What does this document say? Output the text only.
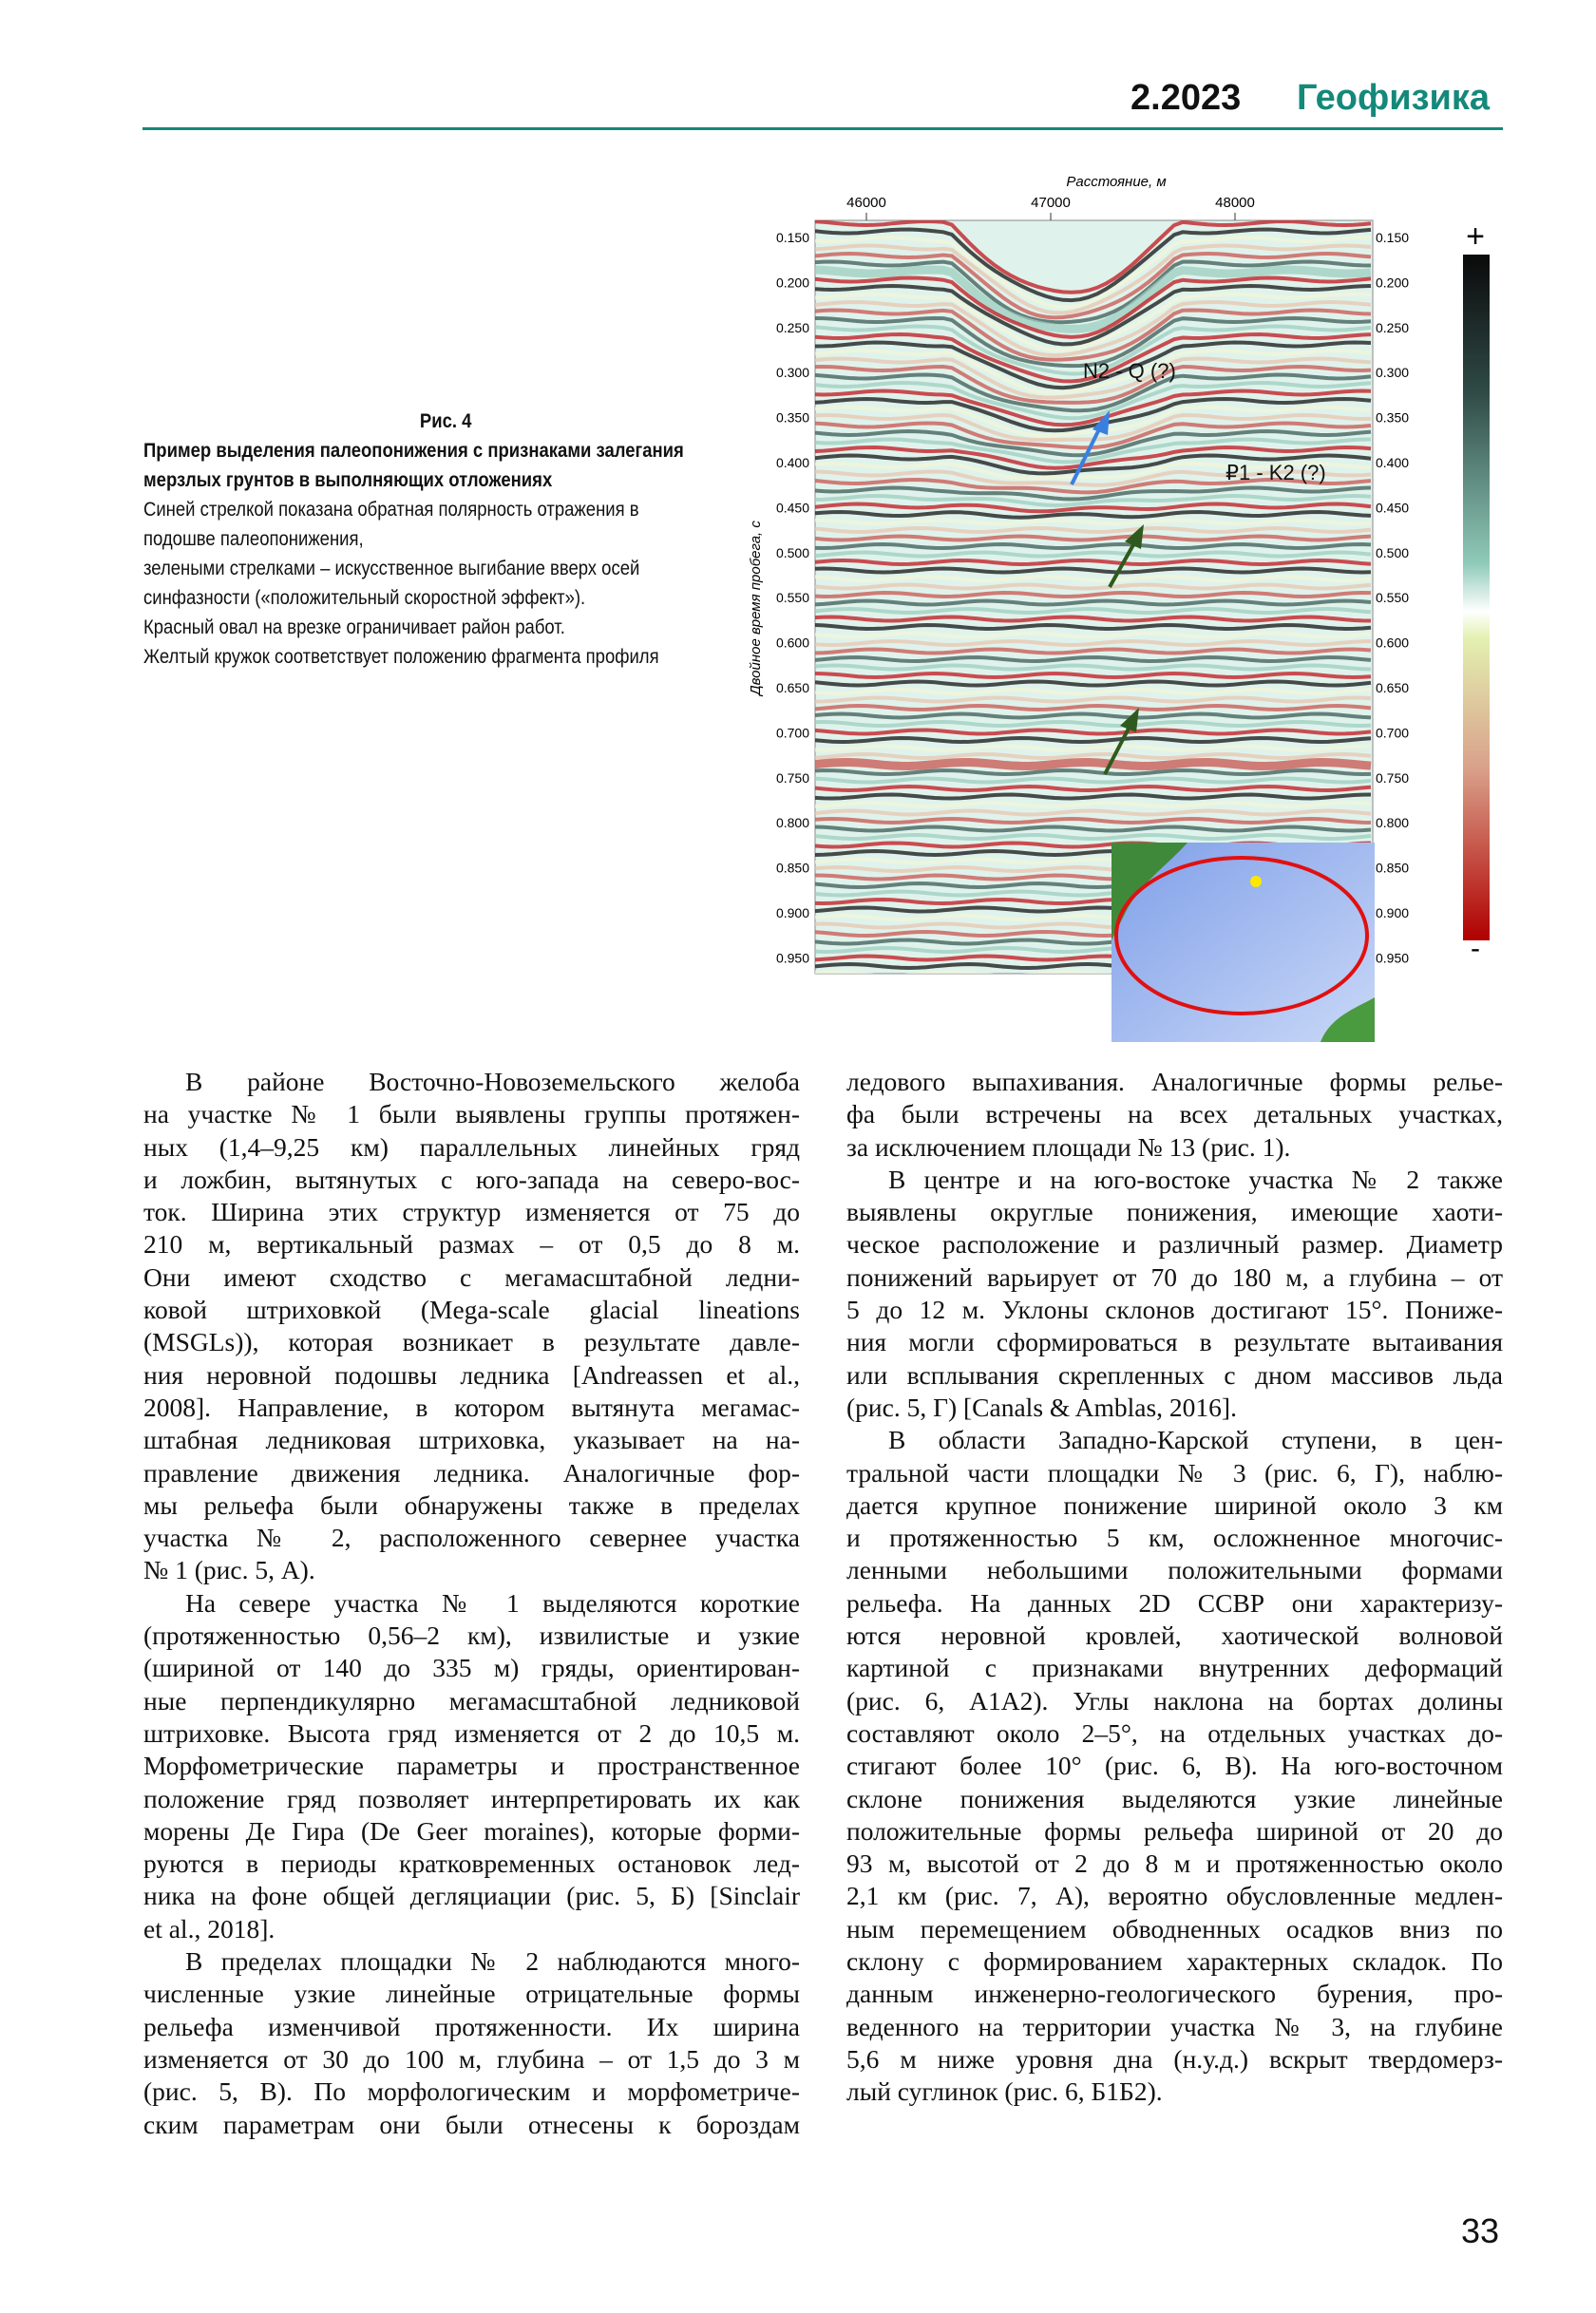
2.2023 Геофизика
Рис. 4
Пример выделения палеопонижения с признаками залегания мерзлых грунтов в выполняющих отложениях
Синей стрелкой показана обратная полярность отражения в подошве палеопонижения,
зелеными стрелками – искусственное выгибание вверх осей синфазности («положительный скоростной эффект»).
Красный овал на врезке ограничивает район работ.
Желтый кружок соответствует положению фрагмента профиля
0.150
0.200
0.250
0.300
0.350
0.400
0.450
0.500
0.550
0.600
0.650
0.700
0.750
0.800
0.850
0.900
0.950
0.150
0.200
0.250
0.300
0.350
0.400
0.450
0.500
0.550
0.600
0.650
0.700
0.750
0.800
0.850
0.900
0.950
46000	47000	48000
Расстояние, м
Двойное время пробега, с
N2 - Q (?)
₽1 - K2 (?)
+
-
В районе Восточно-Новоземельского желоба
на участке № 1 были выявлены группы протяжен-
ных (1,4–9,25 км) параллельных линейных гряд
и ложбин, вытянутых с юго-запада на северо-вос-
ток. Ширина этих структур изменяется от 75 до
210 м, вертикальный размах – от 0,5 до 8 м.
Они имеют сходство с мегамасштабной ледни-
ковой штриховкой (Mega-scale glacial lineations
(MSGLs)), которая возникает в результате давле-
ния неровной подошвы ледника [Andreassen et al.,
2008]. Направление, в котором вытянута мегамас-
штабная ледниковая штриховка, указывает на на-
правление движения ледника. Аналогичные фор-
мы рельефа были обнаружены также в пределах
участка № 2, расположенного севернее участка
№ 1 (рис. 5, А).
На севере участка № 1 выделяются короткие
(протяженностью 0,56–2 км), извилистые и узкие
(шириной от 140 до 335 м) гряды, ориентирован-
ные перпендикулярно мегамасштабной ледниковой
штриховке. Высота гряд изменяется от 2 до 10,5 м.
Морфометрические параметры и пространственное
положение гряд позволяет интерпретировать их как
морены Де Гира (De Geer moraines), которые форми-
руются в периоды кратковременных остановок лед-
ника на фоне общей дегляциации (рис. 5, Б) [Sinclair
et al., 2018].
В пределах площадки № 2 наблюдаются много-
численные узкие линейные отрицательные формы
рельефа изменчивой протяженности. Их ширина
изменяется от 30 до 100 м, глубина – от 1,5 до 3 м
(рис. 5, В). По морфологическим и морфометриче-
ским параметрам они были отнесены к бороздам
ледового выпахивания. Аналогичные формы релье-
фа были встречены на всех детальных участках,
за исключением площади № 13 (рис. 1).
В центре и на юго-востоке участка № 2 также
выявлены округлые понижения, имеющие хаоти-
ческое расположение и различный размер. Диаметр
понижений варьирует от 70 до 180 м, а глубина – от
5 до 12 м. Уклоны склонов достигают 15°. Пониже-
ния могли сформироваться в результате вытаивания
или всплывания скрепленных с дном массивов льда
(рис. 5, Г) [Canals & Amblas, 2016].
В области Западно-Карской ступени, в цен-
тральной части площадки № 3 (рис. 6, Г), наблю-
дается крупное понижение шириной около 3 км
и протяженностью 5 км, осложненное многочис-
ленными небольшими положительными формами
рельефа. На данных 2D ССВР они характеризу-
ются неровной кровлей, хаотической волновой
картиной с признаками внутренних деформаций
(рис. 6, А1А2). Углы наклона на бортах долины
составляют около 2–5°, на отдельных участках до-
стигают более 10° (рис. 6, В). На юго-восточном
склоне понижения выделяются узкие линейные
положительные формы рельефа шириной от 20 до
93 м, высотой от 2 до 8 м и протяженностью около
2,1 км (рис. 7, А), вероятно обусловленные медлен-
ным перемещением обводненных осадков вниз по
склону с формированием характерных складок. По
данным инженерно-геологического бурения, про-
веденного на территории участка № 3, на глубине
5,6 м ниже уровня дна (н.у.д.) вскрыт твердомерз-
лый суглинок (рис. 6, Б1Б2).
33
